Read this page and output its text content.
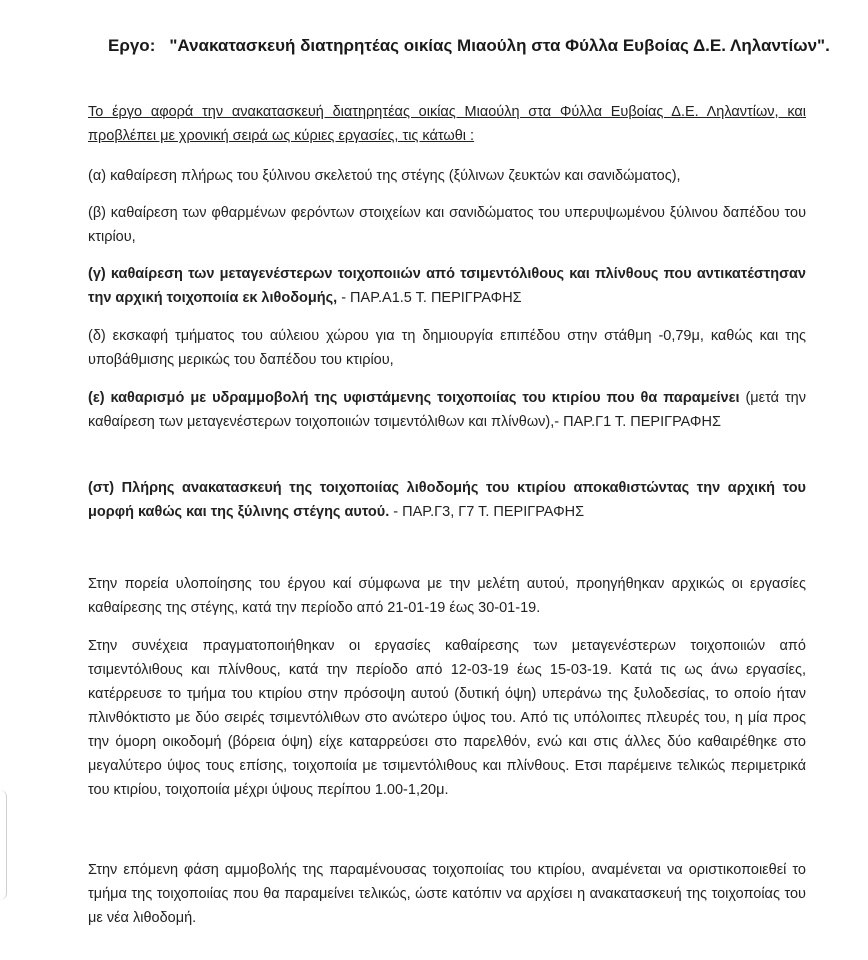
Εργο: "Ανακατασκευή διατηρητέας οικίας Μιαούλη στα Φύλλα Ευβοίας Δ.Ε. Ληλαντίων".
Το έργο αφορά την ανακατασκευή διατηρητέας οικίας Μιαούλη στα Φύλλα Ευβοίας Δ.Ε. Ληλαντίων, και προβλέπει με χρονική σειρά ως κύριες εργασίες, τις κάτωθι :
(α) καθαίρεση πλήρως του ξύλινου σκελετού της στέγης (ξύλινων ζευκτών και σανιδώματος),
(β) καθαίρεση των φθαρμένων φερόντων στοιχείων και σανιδώματος του υπερυψωμένου ξύλινου δαπέδου του κτιρίου,
(γ) καθαίρεση των μεταγενέστερων τοιχοποιιών από τσιμεντόλιθους και πλίνθους που αντικατέστησαν την αρχική τοιχοποιία εκ λιθοδομής, - ΠΑΡ.Α1.5 Τ. ΠΕΡΙΓΡΑΦΗΣ
(δ) εκσκαφή τμήματος του αύλειου χώρου για τη δημιουργία επιπέδου στην στάθμη -0,79μ, καθώς και της υποβάθμισης μερικώς του δαπέδου του κτιρίου,
(ε) καθαρισμό με υδραμμοβολή της υφιστάμενης τοιχοποιίας του κτιρίου που θα παραμείνει (μετά την καθαίρεση των μεταγενέστερων τοιχοποιιών τσιμεντόλιθων και πλίνθων),- ΠΑΡ.Γ1 Τ. ΠΕΡΙΓΡΑΦΗΣ
(στ) Πλήρης ανακατασκευή της τοιχοποιίας λιθοδομής του κτιρίου αποκαθιστώντας την αρχική του μορφή καθώς και της ξύλινης στέγης αυτού. - ΠΑΡ.Γ3, Γ7 Τ. ΠΕΡΙΓΡΑΦΗΣ
Στην πορεία υλοποίησης του έργου καί σύμφωνα με την μελέτη αυτού, προηγήθηκαν αρχικώς οι εργασίες καθαίρεσης της στέγης, κατά την περίοδο από 21-01-19 έως 30-01-19.
Στην συνέχεια πραγματοποιήθηκαν οι εργασίες καθαίρεσης των μεταγενέστερων τοιχοποιιών από τσιμεντόλιθους και πλίνθους, κατά την περίοδο από 12-03-19 έως 15-03-19. Κατά τις ως άνω εργασίες, κατέρρευσε το τμήμα του κτιρίου στην πρόσοψη αυτού (δυτική όψη) υπεράνω της ξυλοδεσίας, το οποίο ήταν πλινθόκτιστο με δύο σειρές τσιμεντόλιθων στο ανώτερο ύψος του. Από τις υπόλοιπες πλευρές του, η μία προς την όμορη οικοδομή (βόρεια όψη) είχε καταρρεύσει στο παρελθόν, ενώ και στις άλλες δύο καθαιρέθηκε στο μεγαλύτερο ύψος τους επίσης, τοιχοποιία με τσιμεντόλιθους και πλίνθους. Ετσι παρέμεινε τελικώς περιμετρικά του κτιρίου, τοιχοποιία μέχρι ύψους περίπου 1.00-1,20μ.
Στην επόμενη φάση αμμοβολής της παραμένουσας τοιχοποιίας του κτιρίου, αναμένεται να οριστικοποιεθεί το τμήμα της τοιχοποιίας που θα παραμείνει τελικώς, ώστε κατόπιν να αρχίσει η ανακατασκευή της τοιχοποίας του με νέα λιθοδομή.
